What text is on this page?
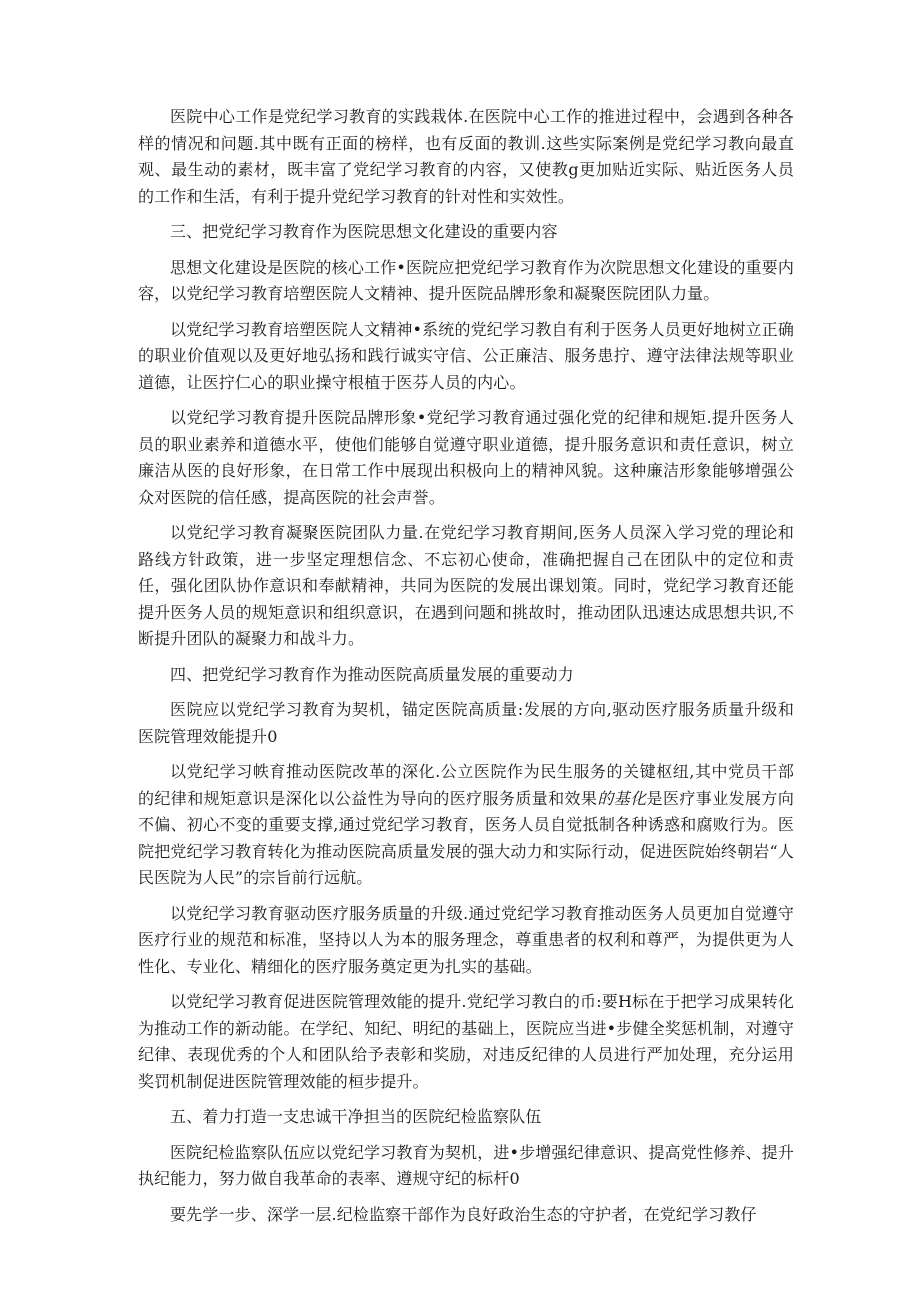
医院中心工作是党纪学习教育的实践栽体.在医院中心工作的推进过程中，会遇到各种各样的情况和问题.其中既有正面的榜样，也有反面的教训.这些实际案例是党纪学习教向最直观、最生动的素材，既丰富了党纪学习教育的内容，又使教g更加贴近实际、贴近医务人员的工作和生活，有利于提升党纪学习教育的针对性和实效性。

三、把党纪学习教育作为医院思想文化建设的重要内容

思想文化建设是医院的核心工作•医院应把党纪学习教育作为次院思想文化建设的重要内容，以党纪学习教育培塑医院人文精神、提升医院品牌形象和凝聚医院团队力量。

以党纪学习教育培塑医院人文精神•系统的党纪学习教自有利于医务人员更好地树立正确的职业价值观以及更好地弘扬和践行诚实守信、公正廉洁、服务患拧、遵守法律法规等职业道德，让医拧仁心的职业操守根植于医芬人员的内心。

以党纪学习教育提升医院品牌形象•党纪学习教育通过强化党的纪律和规矩.提升医务人员的职业素养和道德水平，使他们能够自觉遵守职业道德，提升服务意识和责任意识，树立廉洁从医的良好形象，在日常工作中展现出积极向上的精神风貌。这种廉洁形象能够增强公众对医院的信任感，提高医院的社会声誉。

以党纪学习教育凝聚医院团队力量.在党纪学习教育期间,医务人员深入学习党的理论和路线方针政策，进一步坚定理想信念、不忘初心使命，准确把握自己在团队中的定位和责任，强化团队协作意识和奉献精神，共同为医院的发展出课划策。同时，党纪学习教育还能提升医务人员的规矩意识和组织意识，在遇到问题和挑故时，推动团队迅速达成思想共识,不断提升团队的凝聚力和战斗力。

四、把党纪学习教育作为推动医院高质量发展的重要动力

医院应以党纪学习教育为契机，锚定医院高质量:发展的方向,驱动医疗服务质量升级和医院管理效能提升0

以党纪学习帙育推动医院改革的深化.公立医院作为民生服务的关键枢纽,其中党员干部的纪律和规矩意识是深化以公益性为导向的医疗服务质量和效果的基化是医疗事业发展方向不偏、初心不变的重要支撑,通过党纪学习教育，医务人员自觉抵制各种诱惑和腐败行为。医院把党纪学习教育转化为推动医院高质量发展的强大动力和实际行动，促进医院始终朝岩“人民医院为人民”的宗旨前行远航。

以党纪学习教育驱动医疗服务质量的升级.通过党纪学习教育推动医务人员更加自觉遵守医疗行业的规范和标准，坚持以人为本的服务理念，尊重患者的权利和尊严，为提供更为人性化、专业化、精细化的医疗服务奠定更为扎实的基础。

以党纪学习教育促进医院管理效能的提升.党纪学习教白的币:要H标在于把学习成果转化为推动工作的新动能。在学纪、知纪、明纪的基础上，医院应当进•步健全奖惩机制，对遵守纪律、表现优秀的个人和团队给予表彰和奖励，对违反纪律的人员进行严加处理，充分运用奖罚机制促进医院管理效能的桓步提升。

五、着力打造一支忠诚干净担当的医院纪检监察队伍

医院纪检监察队伍应以党纪学习教育为契机，进•步增强纪律意识、提高党性修养、提升执纪能力，努力做自我革命的表率、遵规守纪的标杆0

要先学一步、深学一层.纪检监察干部作为良好政治生态的守护者，在党纪学习教仔
